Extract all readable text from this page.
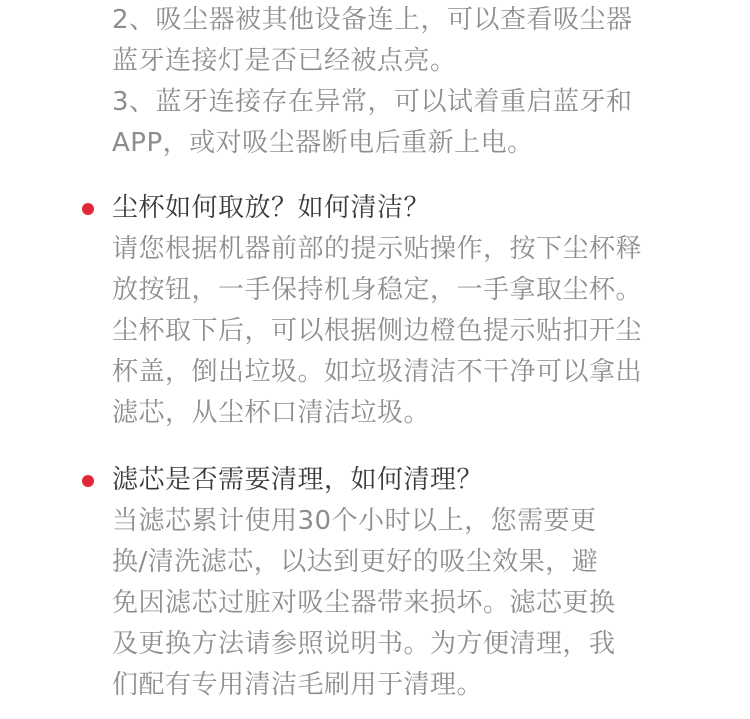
2、吸尘器被其他设备连上，可以查看吸尘器
蓝牙连接灯是否已经被点亮。
3、蓝牙连接存在异常，可以试着重启蓝牙和
APP，或对吸尘器断电后重新上电。
尘杯如何取放？如何清洁？
请您根据机器前部的提示贴操作，按下尘杯释
放按钮，一手保持机身稳定，一手拿取尘杯。
尘杯取下后，可以根据侧边橙色提示贴扣开尘
杯盖，倒出垃圾。如垃圾清洁不干净可以拿出
滤芯，从尘杯口清洁垃圾。
滤芯是否需要清理，如何清理？
当滤芯累计使用30个小时以上，您需要更
换/清洗滤芯，以达到更好的吸尘效果，避
免因滤芯过脏对吸尘器带来损坏。滤芯更换
及更换方法请参照说明书。为方便清理，我
们配有专用清洁毛刷用于清理。
